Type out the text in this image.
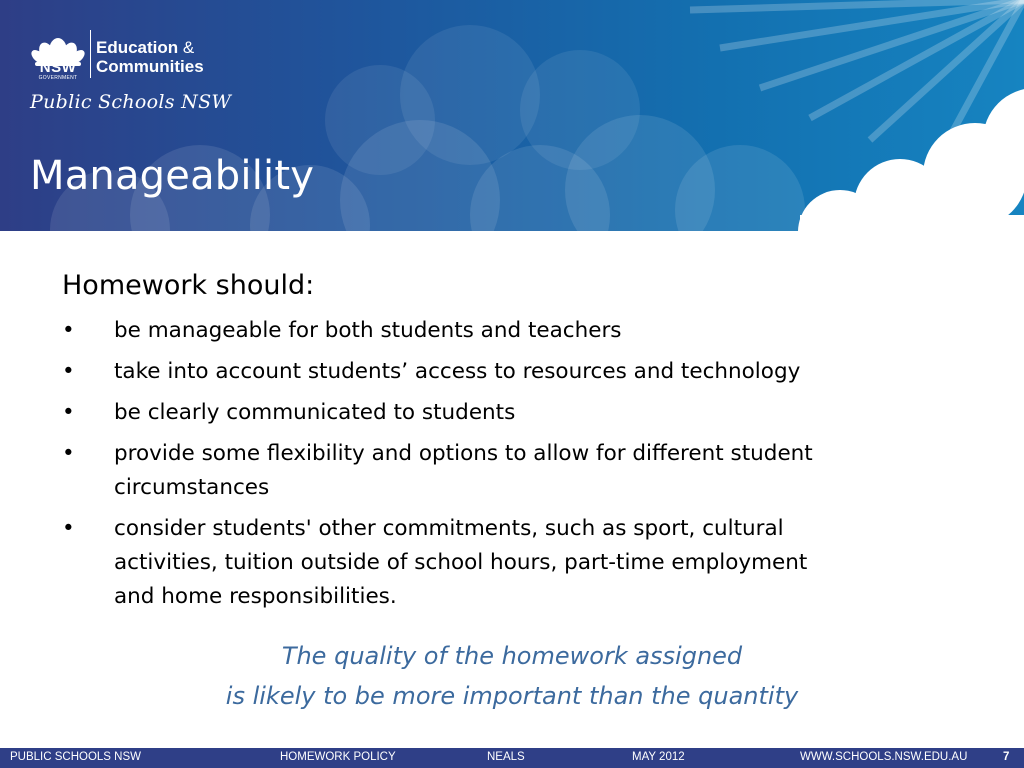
NSW
GOVERNMENT
Education &
Communities
Public Schools NSW
Manageability

Homework should:

• be manageable for both students and teachers
• take into account students’ access to resources and technology
• be clearly communicated to students
• provide some flexibility and options to allow for different student
circumstances
• consider students' other commitments, such as sport, cultural
activities, tuition outside of school hours, part-time employment
and home responsibilities.
The quality of the homework assigned
is likely to be more important than the quantity
PUBLIC SCHOOLS NSW	HOMEWORK POLICY	NEALS	MAY 2012	WWW.SCHOOLS.NSW.EDU.AU	7
